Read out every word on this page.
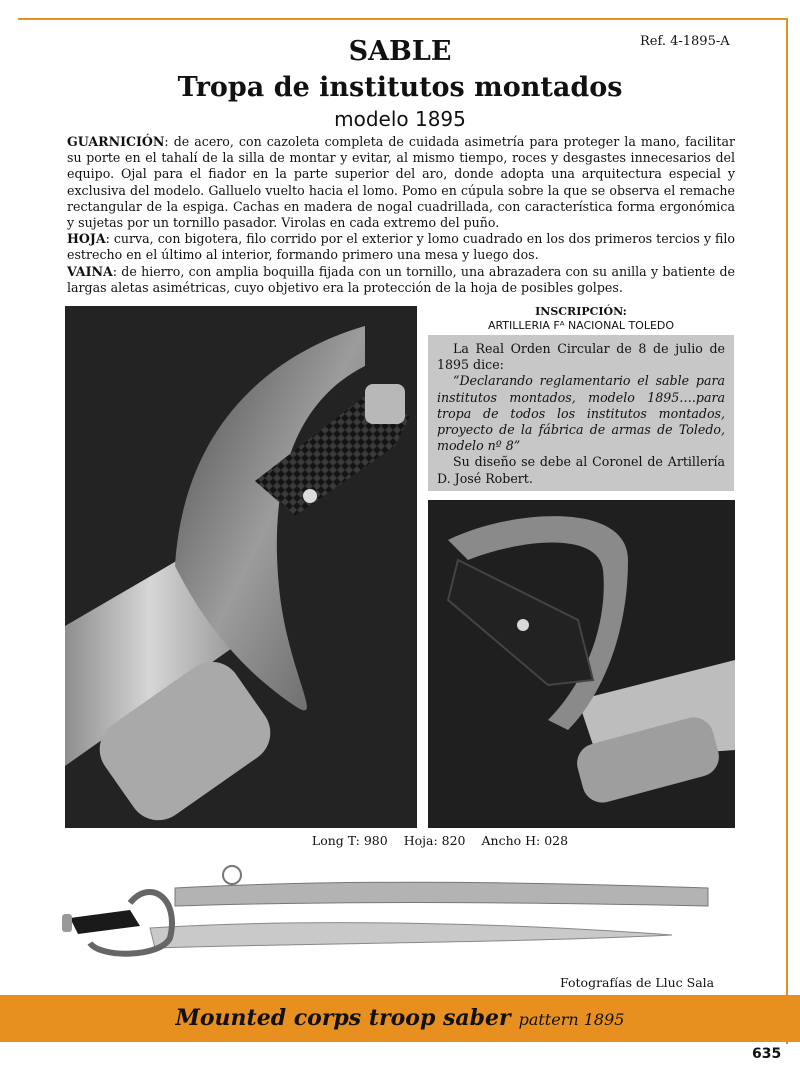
Ref. 4-1895-A
SABLE
Tropa de institutos montados
modelo 1895
GUARNICIÓN: de acero, con cazoleta completa de cuidada asimetría para proteger la mano, facilitar su porte en el tahalí de la silla de montar y evitar, al mismo tiempo, roces y desgastes innecesarios del equipo. Ojal para el fiador en la parte superior del aro, donde adopta una arquitectura especial y exclusiva del modelo. Galluelo vuelto hacia el lomo. Pomo en cúpula sobre la que se observa el remache rectangular de la espiga. Cachas en madera de nogal cuadrillada, con característica forma ergonómica y sujetas por un tornillo pasador. Virolas en cada extremo del puño.
HOJA: curva, con bigotera, filo corrido por el exterior y lomo cuadrado en los dos primeros tercios y filo estrecho en el último al interior, formando primero una mesa y luego dos.
VAINA: de hierro, con amplia boquilla fijada con un tornillo, una abrazadera con su anilla y batiente de largas aletas asimétricas, cuyo objetivo era la protección de la hoja de posibles golpes.
INSCRIPCIÓN:
ARTILLERIA Fᴬ NACIONAL TOLEDO

La Real Orden Circular de 8 de julio de 1895 dice:

“Declarando reglamentario el sable para institutos montados, modelo 1895….para tropa de todos los institutos montados, proyecto de la fábrica de armas de Toledo, modelo nº 8”

Su diseño se debe al Coronel de Artillería D. José Robert.

Long T: 980 Hoja: 820 Ancho H: 028
Fotografías de Lluc Sala
Mounted corps troop saber pattern 1895
635
